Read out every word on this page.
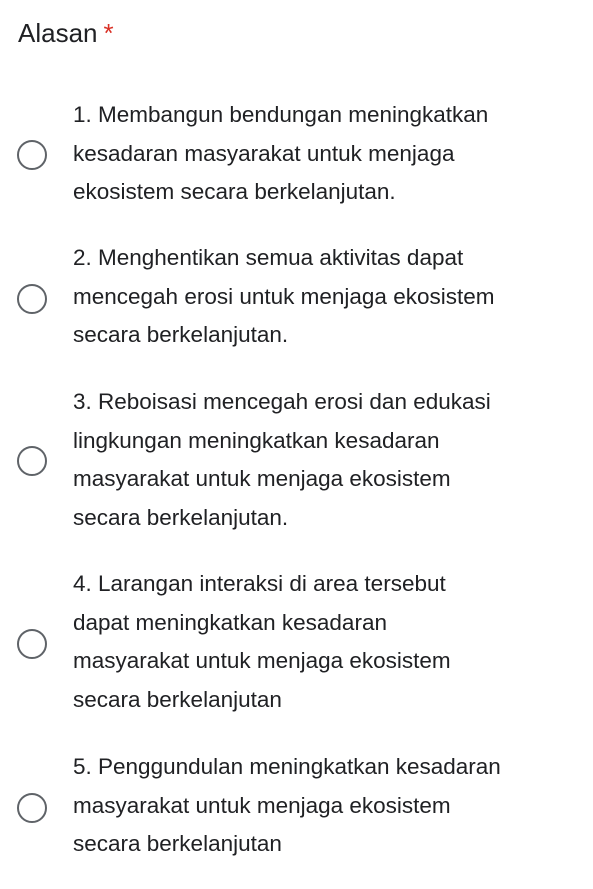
Alasan *
1. Membangun bendungan meningkatkan
kesadaran masyarakat untuk menjaga
ekosistem secara berkelanjutan.
2. Menghentikan semua aktivitas dapat
mencegah erosi untuk menjaga ekosistem
secara berkelanjutan.
3. Reboisasi mencegah erosi dan edukasi
lingkungan meningkatkan kesadaran
masyarakat untuk menjaga ekosistem
secara berkelanjutan.
4. Larangan interaksi di area tersebut
dapat meningkatkan kesadaran
masyarakat untuk menjaga ekosistem
secara berkelanjutan
5. Penggundulan meningkatkan kesadaran
masyarakat untuk menjaga ekosistem
secara berkelanjutan
